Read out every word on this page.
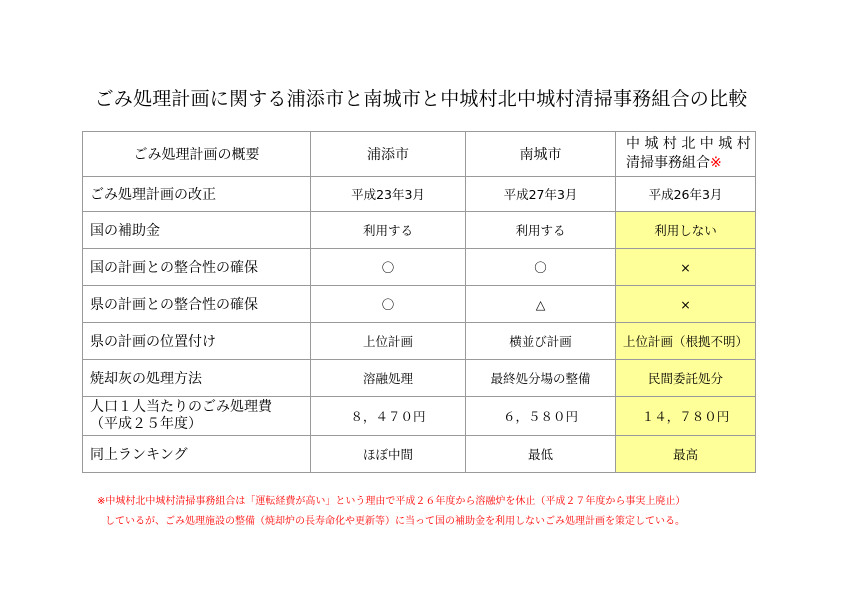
ごみ処理計画に関する浦添市と南城市と中城村北中城村清掃事務組合の比較
ごみ処理計画の概要	浦添市	南城市	中 城 村 北 中 城 村
清掃事務組合※

ごみ処理計画の改正	平成23年3月	平成27年3月	平成26年3月
国の補助金	利用する	利用する	利用しない
国の計画との整合性の確保	〇	〇	×
県の計画との整合性の確保	〇	△	×
県の計画の位置付け	上位計画	横並び計画	上位計画（根拠不明）
焼却灰の処理方法	溶融処理	最終処分場の整備	民間委託処分

人口１人当たりのごみ処理費
（平成２５年度）	８，４７０円	６，５８０円	１４，７８０円
同上ランキング	ほぼ中間	最低	最高
※中城村北中城村清掃事務組合は「運転経費が高い」という理由で平成２６年度から溶融炉を休止（平成２７年度から事実上廃止）
しているが、ごみ処理施設の整備（焼却炉の長寿命化や更新等）に当って国の補助金を利用しないごみ処理計画を策定している。
